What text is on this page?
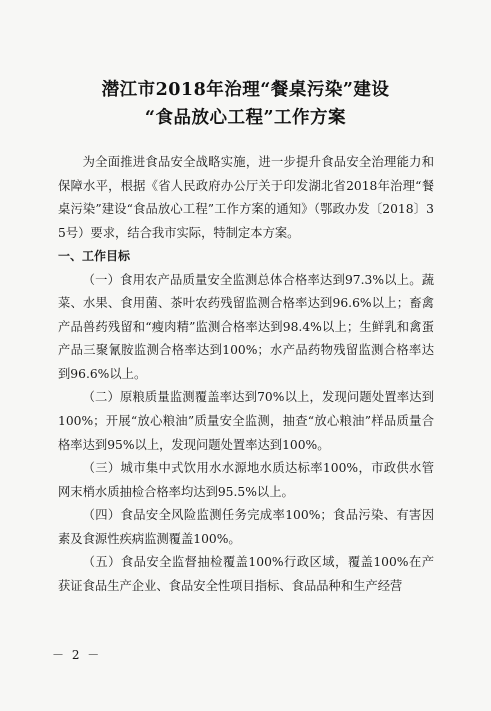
潜江市2018年治理“餐桌污染”建设
“食品放心工程”工作方案

为全面推进食品安全战略实施，进一步提升食品安全治理能力和保障水平，根据《省人民政府办公厅关于印发湖北省2018年治理“餐桌污染”建设“食品放心工程”工作方案的通知》（鄂政办发〔2018〕35号）要求，结合我市实际，特制定本方案。

一、工作目标

（一）食用农产品质量安全监测总体合格率达到97.3%以上。蔬菜、水果、食用菌、茶叶农药残留监测合格率达到96.6%以上；畜禽产品兽药残留和“瘦肉精”监测合格率达到98.4%以上；生鲜乳和禽蛋产品三聚氰胺监测合格率达到100%；水产品药物残留监测合格率达到96.6%以上。

（二）原粮质量监测覆盖率达到70%以上，发现问题处置率达到100%；开展“放心粮油”质量安全监测，抽查“放心粮油”样品质量合格率达到95%以上，发现问题处置率达到100%。

（三）城市集中式饮用水水源地水质达标率100%，市政供水管网末梢水质抽检合格率均达到95.5%以上。

（四）食品安全风险监测任务完成率100%；食品污染、有害因素及食源性疾病监测覆盖100%。

（五）食品安全监督抽检覆盖100%行政区域，覆盖100%在产获证食品生产企业、食品安全性项目指标、食品品种和生产经营

－ 2 －
